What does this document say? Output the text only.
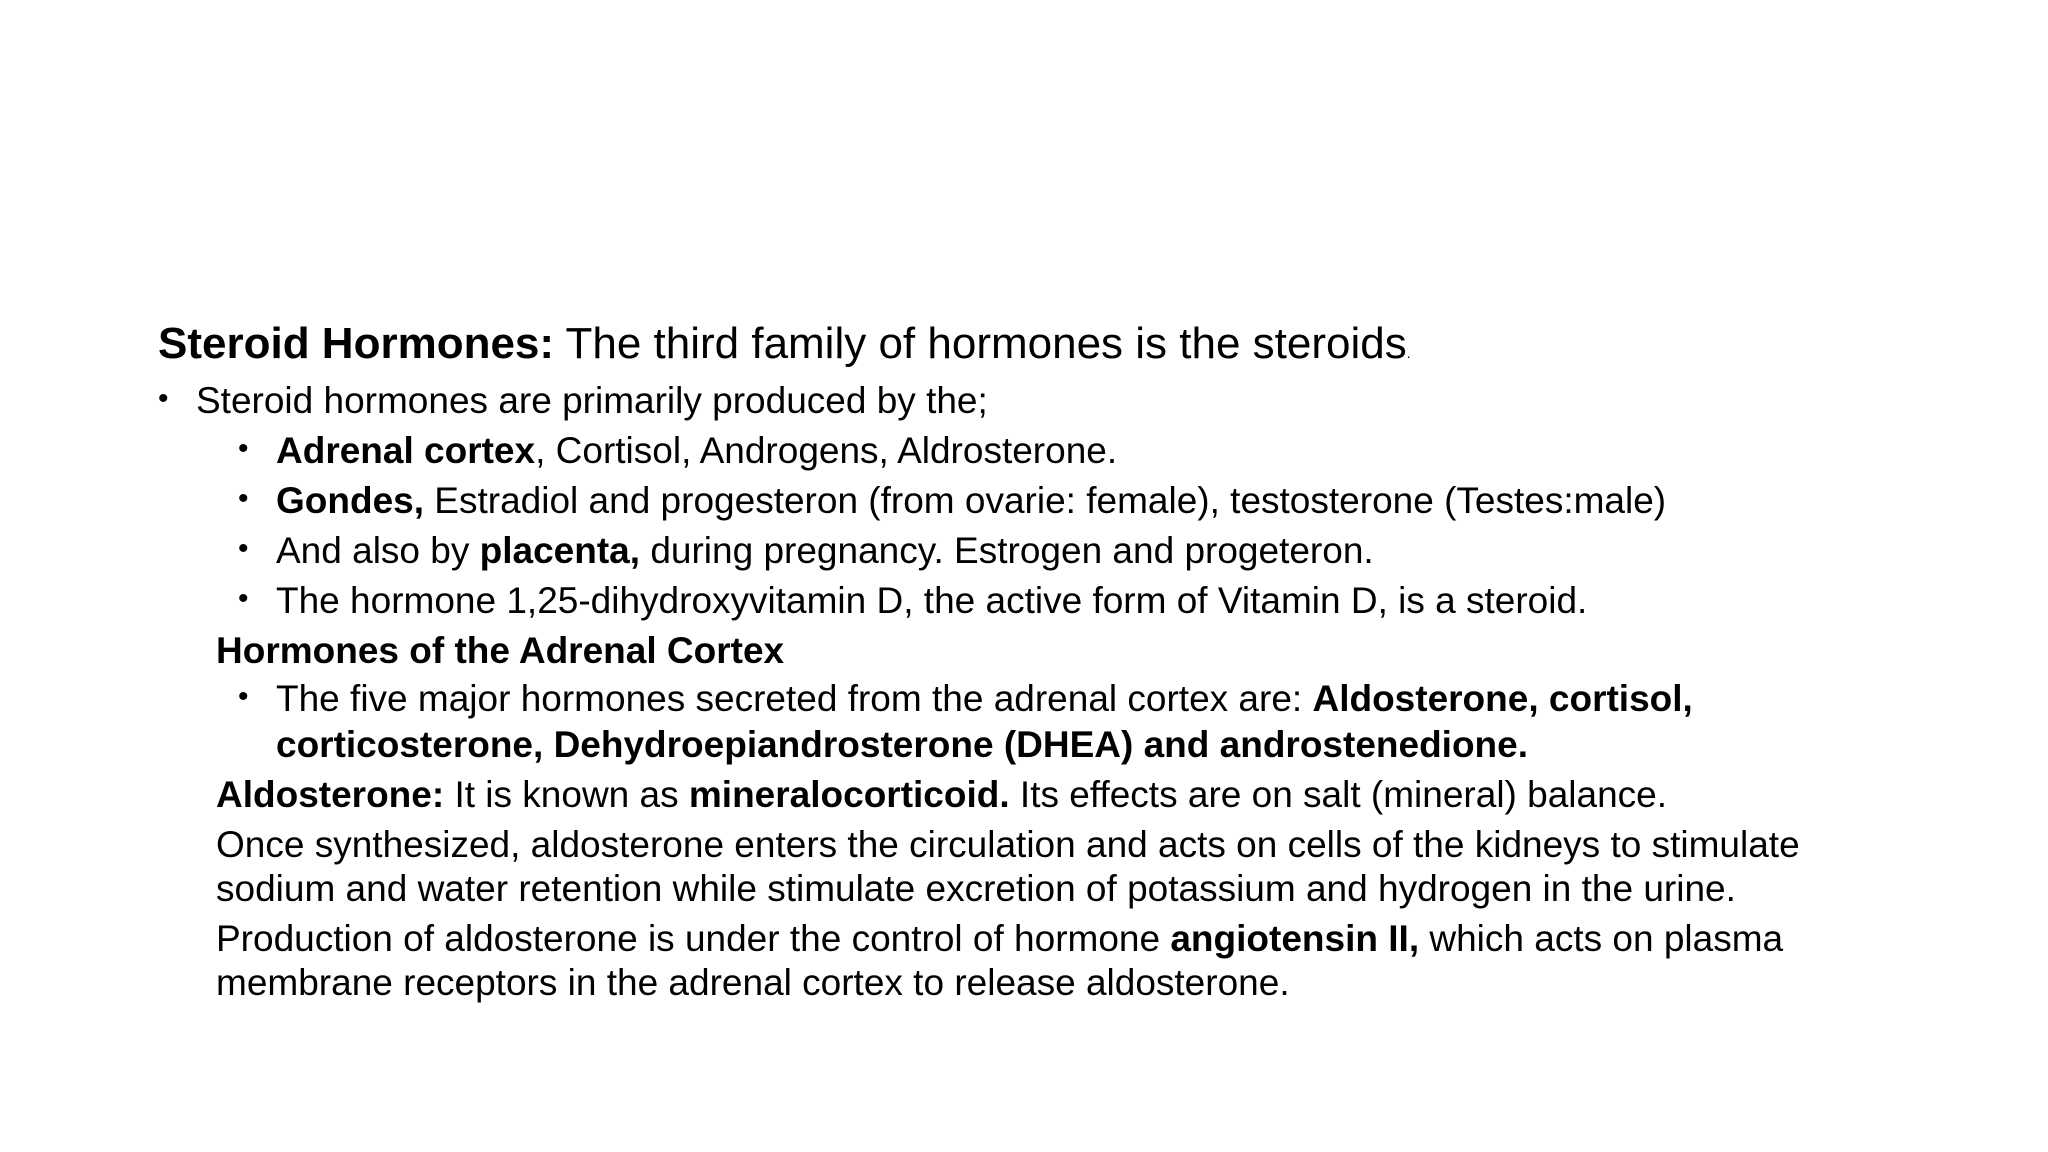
Steroid Hormones: The third family of hormones is the steroids.
• Steroid hormones are primarily produced by the;
• Adrenal cortex, Cortisol, Androgens, Aldrosterone.
• Gondes, Estradiol and progesteron (from ovarie: female), testosterone (Testes:male)
• And also by placenta, during pregnancy. Estrogen and progeteron.
• The hormone 1,25-dihydroxyvitamin D, the active form of Vitamin D, is a steroid.
Hormones of the Adrenal Cortex
• The five major hormones secreted from the adrenal cortex are: Aldosterone, cortisol,
corticosterone, Dehydroepiandrosterone (DHEA) and androstenedione.
Aldosterone: It is known as mineralocorticoid. Its effects are on salt (mineral) balance.
Once synthesized, aldosterone enters the circulation and acts on cells of the kidneys to stimulate
sodium and water retention while stimulate excretion of potassium and hydrogen in the urine.
Production of aldosterone is under the control of hormone angiotensin II, which acts on plasma
membrane receptors in the adrenal cortex to release aldosterone.
